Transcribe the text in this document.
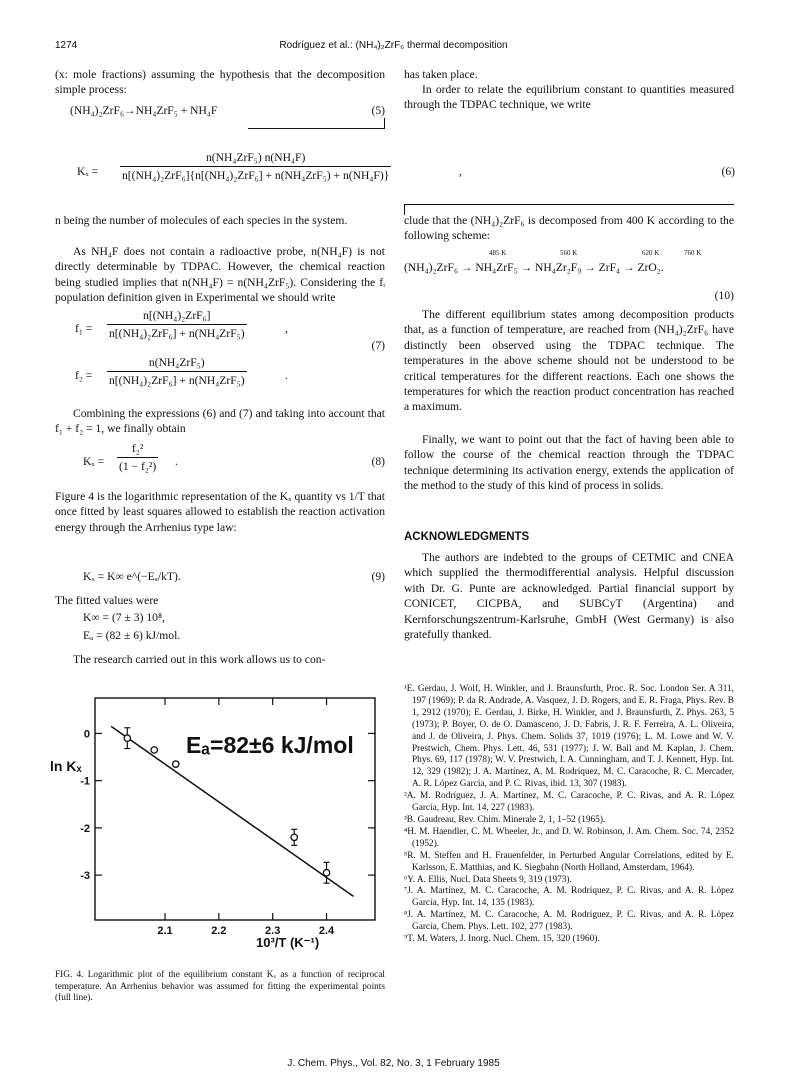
1274	Rodríguez et al.: (NH₄)₂ZrF₆ thermal decomposition
(x: mole fractions) assuming the hypothesis that the decomposition simple process:
(NH₄)₂ZrF₆→NH₄ZrF₅ + NH₄F	(5)
has taken place.
In order to relate the equilibrium constant to quantities measured through the TDPAC technique, we write
Kₓ =
n(NH₄ZrF₅) n(NH₄F)
n[(NH₄)₂ZrF₆]{n[(NH₄)₂ZrF₆] + n(NH₄ZrF₅) + n(NH₄F)}	,	(6)
n being the number of molecules of each species in the system.
As NH₄F does not contain a radioactive probe, n(NH₄F) is not directly determinable by TDPAC. However, the chemical reaction being studied implies that n(NH₄F) = n(NH₄ZrF₅). Considering the fᵢ population definition given in Experimental we should write
f₁ =
n[(NH₄)₂ZrF₆]
n[(NH₄)₂ZrF₆] + n(NH₄ZrF₅)	,
(7)
f₂ =
n(NH₄ZrF₅)
n[(NH₄)₂ZrF₆] + n(NH₄ZrF₅)	.
Combining the expressions (6) and (7) and taking into account that f₁ + f₂ = 1, we finally obtain
$K_x = \frac{\text{f₂²}}{\text{(1 − f₂²)}}$ .	(8)
Figure 4 is the logarithmic representation of the Kₓ quantity vs 1/T that once fitted by least squares allowed to establish the reaction activation energy through the Arrhenius type law:
Kₓ = K∞ e^(−Eₐ/kT).	(9)
The fitted values were
K∞ = (7 ± 3) 10⁸,
Eₐ = (82 ± 6) kJ/mol.
The research carried out in this work allows us to con-
clude that the (NH₄)₂ZrF₆ is decomposed from 400 K according to the following scheme:
485 K	560 K	620 K	760 K
(NH₄)₂ZrF₆ → NH₄ZrF₅ → NH₄Zr₂F₉ → ZrF₄ → ZrO₂.
(10)
The different equilibrium states among decomposition products that, as a function of temperature, are reached from (NH₄)₂ZrF₆ have distinctly been observed using the TDPAC technique. The temperatures in the above scheme should not be understood to be critical temperatures for the different reactions. Each one shows the temperatures for which the reaction product concentration has reached a maximum.
Finally, we want to point out that the fact of having been able to follow the course of the chemical reaction through the TDPAC technique determining its activation energy, extends the application of the method to the study of this kind of process in solids.
ACKNOWLEDGMENTS
The authors are indebted to the groups of CETMIC and CNEA which supplied the thermodifferential analysis. Helpful discussion with Dr. G. Punte are acknowledged. Partial financial support by CONICET, CICPBA, and SUBCyT (Argentina) and Kernforschungszentrum-Karlsruhe, GmbH (West Germany) is also gratefully thanked.
2.1	2.2	2.3	2.4
0
-1
-2
-3
Eₐ=82±6 kJ/mol
ln Kₓ
10³/T (K⁻¹)
FIG. 4. Logarithmic plot of the equilibrium constant Kₓ as a function of reciprocal temperature. An Arrhenius behavior was assumed for fitting the experimental points (full line).
¹E. Gerdau, J. Wolf, H. Winkler, and J. Braunsfurth, Proc. R. Soc. London Ser. A 311, 197 (1969); P. da R. Andrade, A. Vasquez, J. D. Rogers, and E. R. Fraga, Phys. Rev. B 1, 2912 (1970); E. Gerdau, J. Birke, H. Winkler, and J. Braunsfurth, Z. Phys. 263, 5 (1973); P. Boyer, O. de O. Damasceno, J. D. Fabris, J. R. F. Ferreira, A. L. Oliveira, and J. de Oliveira, J. Phys. Chem. Solids 37, 1019 (1976); L. M. Lowe and W. V. Prestwich, Chem. Phys. Lett. 46, 531 (1977); J. W. Ball and M. Kaplan, J. Chem. Phys. 69, 117 (1978); W. V. Prestwich, I. A. Cunningham, and T. J. Kennett, Hyp. Int. 12, 329 (1982); J. A. Martínez, A. M. Rodríquez, M. C. Caracoche, R. C. Mercader, A. R. López García, and P. C. Rivas, ibid. 13, 307 (1983).
²A. M. Rodríguez, J. A. Martínez, M. C. Caracoche, P. C. Rivas, and A. R. López García, Hyp. Int. 14, 227 (1983).
³B. Gaudreau, Rev. Chim. Minerale 2, 1, 1–52 (1965).
⁴H. M. Haendler, C. M. Wheeler, Jr., and D. W. Robinson, J. Am. Chem. Soc. 74, 2352 (1952).
⁵R. M. Steffen and H. Frauenfelder, in Perturbed Angular Correlations, edited by E. Karlsson, E. Matthias, and K. Siegbahn (North Holland, Amsterdam, 1964).
⁶Y. A. Ellis, Nucl. Data Sheets 9, 319 (1973).
⁷J. A. Martínez, M. C. Caracoche, A. M. Rodríquez, P. C. Rivas, and A. R. López García, Hyp. Int. 14, 135 (1983).
⁸J. A. Martínez, M. C. Caracoche, A. M. Rodríguez, P. C. Rivas, and A. R. López García, Chem. Phys. Lett. 102, 277 (1983).
⁹T. M. Waters, J. Inorg. Nucl. Chem. 15, 320 (1960).
J. Chem. Phys., Vol. 82, No. 3, 1 February 1985
